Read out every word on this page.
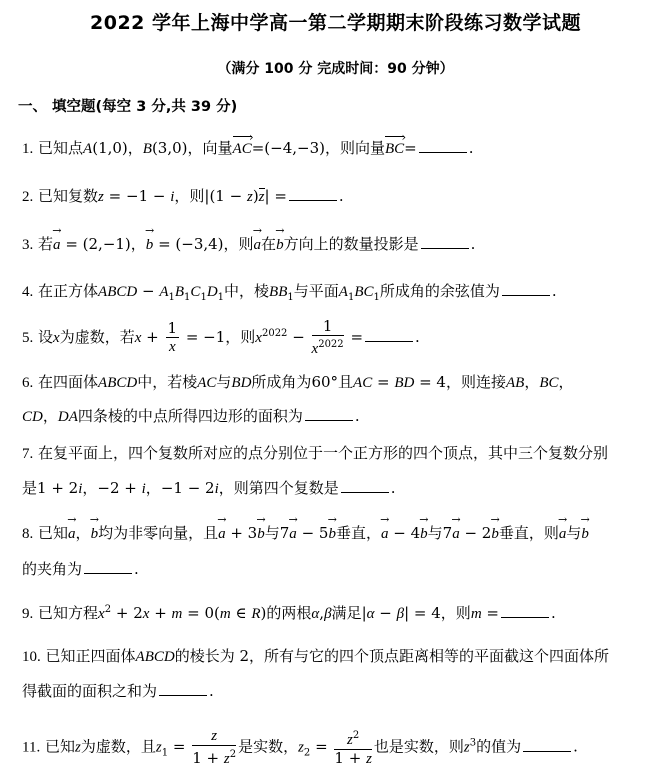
2022 学年上海中学高一第二学期期末阶段练习数学试题
（满分 100 分 完成时间：90 分钟）
一、 填空题(每空 3 分,共 39 分)
1. 已知点A(1,0)，B(3,0)，向量AC ›=(−4,−3)，则向量BC ›=	.
2. 已知复数z = −1 − i，则|(1 − z)z| =	.
3. 若→ a = (2,−1)，→ b = (−3,4)，则→ a在→ b方向上的数量投影是	.
4. 在正方体ABCD − $A_1B_1C_1D_1$中，棱$BB_1$与平面$A_1BC_1$所成角的余弦值为	.
5. 设x为虚数，若$x + \frac{1}{x} = -1$，则$x^{2022} - \frac{1}{x^{2022}}$ =	.
6. 在四面体ABCD中，若棱AC与BD所成角为60°且AC = BD = 4，则连接AB，BC，
CD，DA四条棱的中点所得四边形的面积为	.
7. 在复平面上，四个复数所对应的点分别位于一个正方形的四个顶点，其中三个复数分别
是1 + 2i，−2 + i，−1 − 2i，则第四个复数是	.
8. 已知→ a，→ b均为非零向量，且→ a + 3→ b与7→ a − 5→ b垂直，→ a − 4→ b与7→ a − 2→ b垂直，则→ a与→ b
的夹角为	.
9. 已知方程$x^2 + 2x + m = 0(m$ ∈ R)的两根α,β满足|α − β| = 4，则m =	.
10. 已知正四面体ABCD的棱长为 2，所有与它的四个顶点距离相等的平面截这个四面体所
得截面的面积之和为	.
11. 已知z为虚数，且$z_1 = \frac{z}{1 + z^2}$ 是实数，$z_2 = \frac{z^2}{1 + z}$ 也是实数，则$z^3$的值为	.
